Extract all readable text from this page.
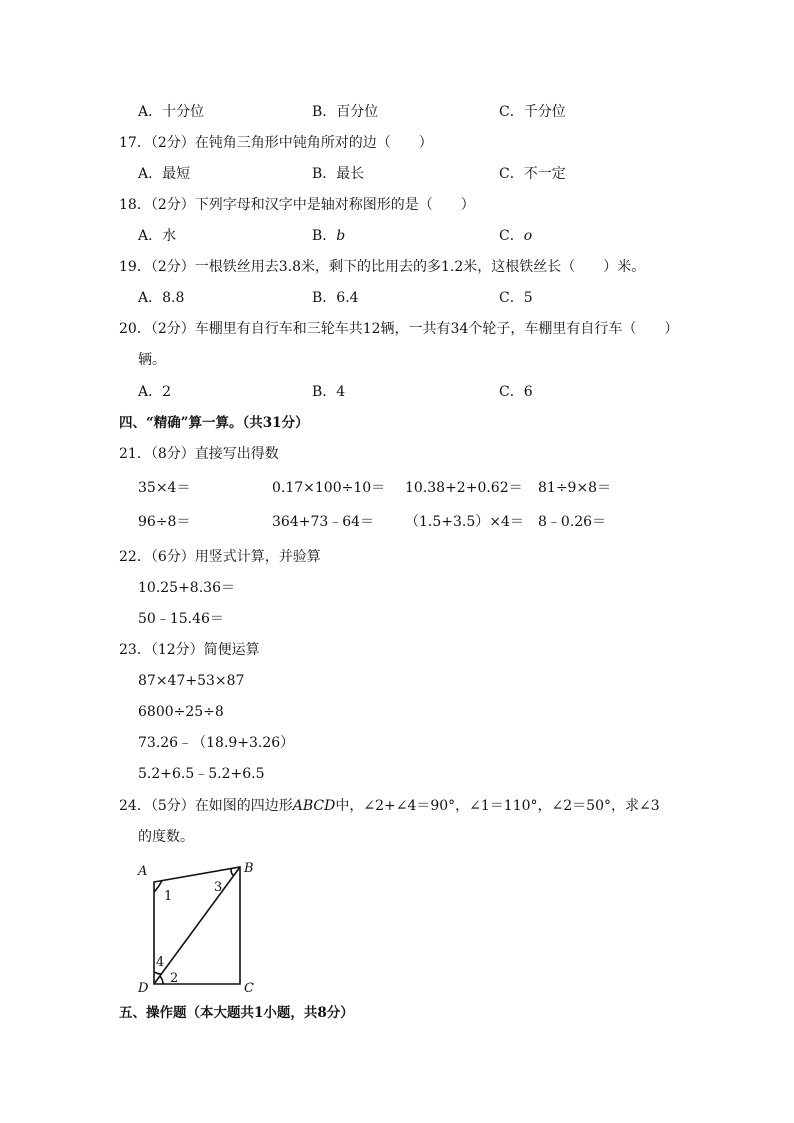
A．十分位	B．百分位	C．千分位
17．（2分）在钝角三角形中钝角所对的边（　　）
A．最短	B．最长	C．不一定
18．（2分）下列字母和汉字中是轴对称图形的是（　　）
A．水	B．b	C．o
19．（2分）一根铁丝用去3.8米，剩下的比用去的多1.2米，这根铁丝长（　　）米。
A．8.8	B．6.4	C．5
20．（2分）车棚里有自行车和三轮车共12辆，一共有34个轮子，车棚里有自行车（　　）
辆。
A．2	B．4	C．6
四、“精确”算一算。（共31分）
21．（8分）直接写出得数
35×4＝	0.17×100÷10＝ 10.38+2+0.62＝ 81÷9×8＝
96÷8＝	364+73﹣64＝ （1.5+3.5）×4＝ 8﹣0.26＝
22．（6分）用竖式计算，并验算
10.25+8.36＝
50﹣15.46＝
23．（12分）简便运算
87×47+53×87
6800÷25÷8
73.26﹣（18.9+3.26）
5.2+6.5﹣5.2+6.5
24．（5分）在如图的四边形ABCD中，∠2+∠4＝90°，∠1＝110°，∠2＝50°，求∠3
的度数。
A	B
C
D
1
3
4
2
五、操作题（本大题共1小题，共8分）
